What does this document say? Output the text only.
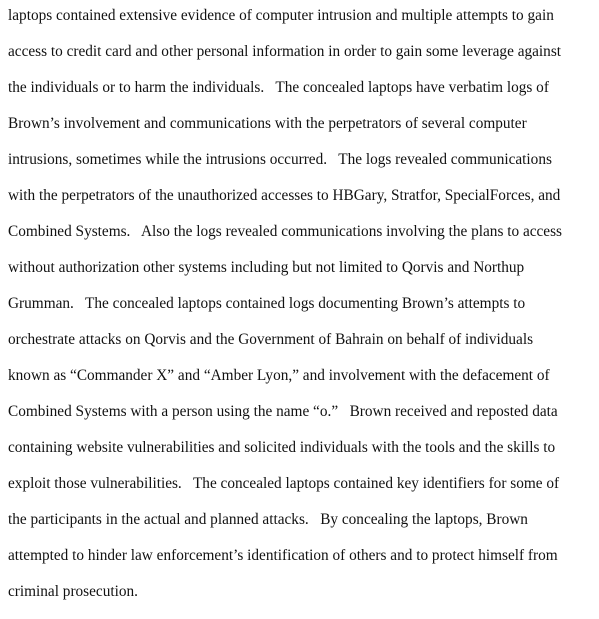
laptops contained extensive evidence of computer intrusion and multiple attempts to gain
access to credit card and other personal information in order to gain some leverage against
the individuals or to harm the individuals.   The concealed laptops have verbatim logs of
Brown’s involvement and communications with the perpetrators of several computer
intrusions, sometimes while the intrusions occurred.   The logs revealed communications
with the perpetrators of the unauthorized accesses to HBGary, Stratfor, SpecialForces, and
Combined Systems.   Also the logs revealed communications involving the plans to access
without authorization other systems including but not limited to Qorvis and Northup
Grumman.   The concealed laptops contained logs documenting Brown’s attempts to
orchestrate attacks on Qorvis and the Government of Bahrain on behalf of individuals
known as “Commander X” and “Amber Lyon,” and involvement with the defacement of
Combined Systems with a person using the name “o.”   Brown received and reposted data
containing website vulnerabilities and solicited individuals with the tools and the skills to
exploit those vulnerabilities.   The concealed laptops contained key identifiers for some of
the participants in the actual and planned attacks.   By concealing the laptops, Brown
attempted to hinder law enforcement’s identification of others and to protect himself from
criminal prosecution.
